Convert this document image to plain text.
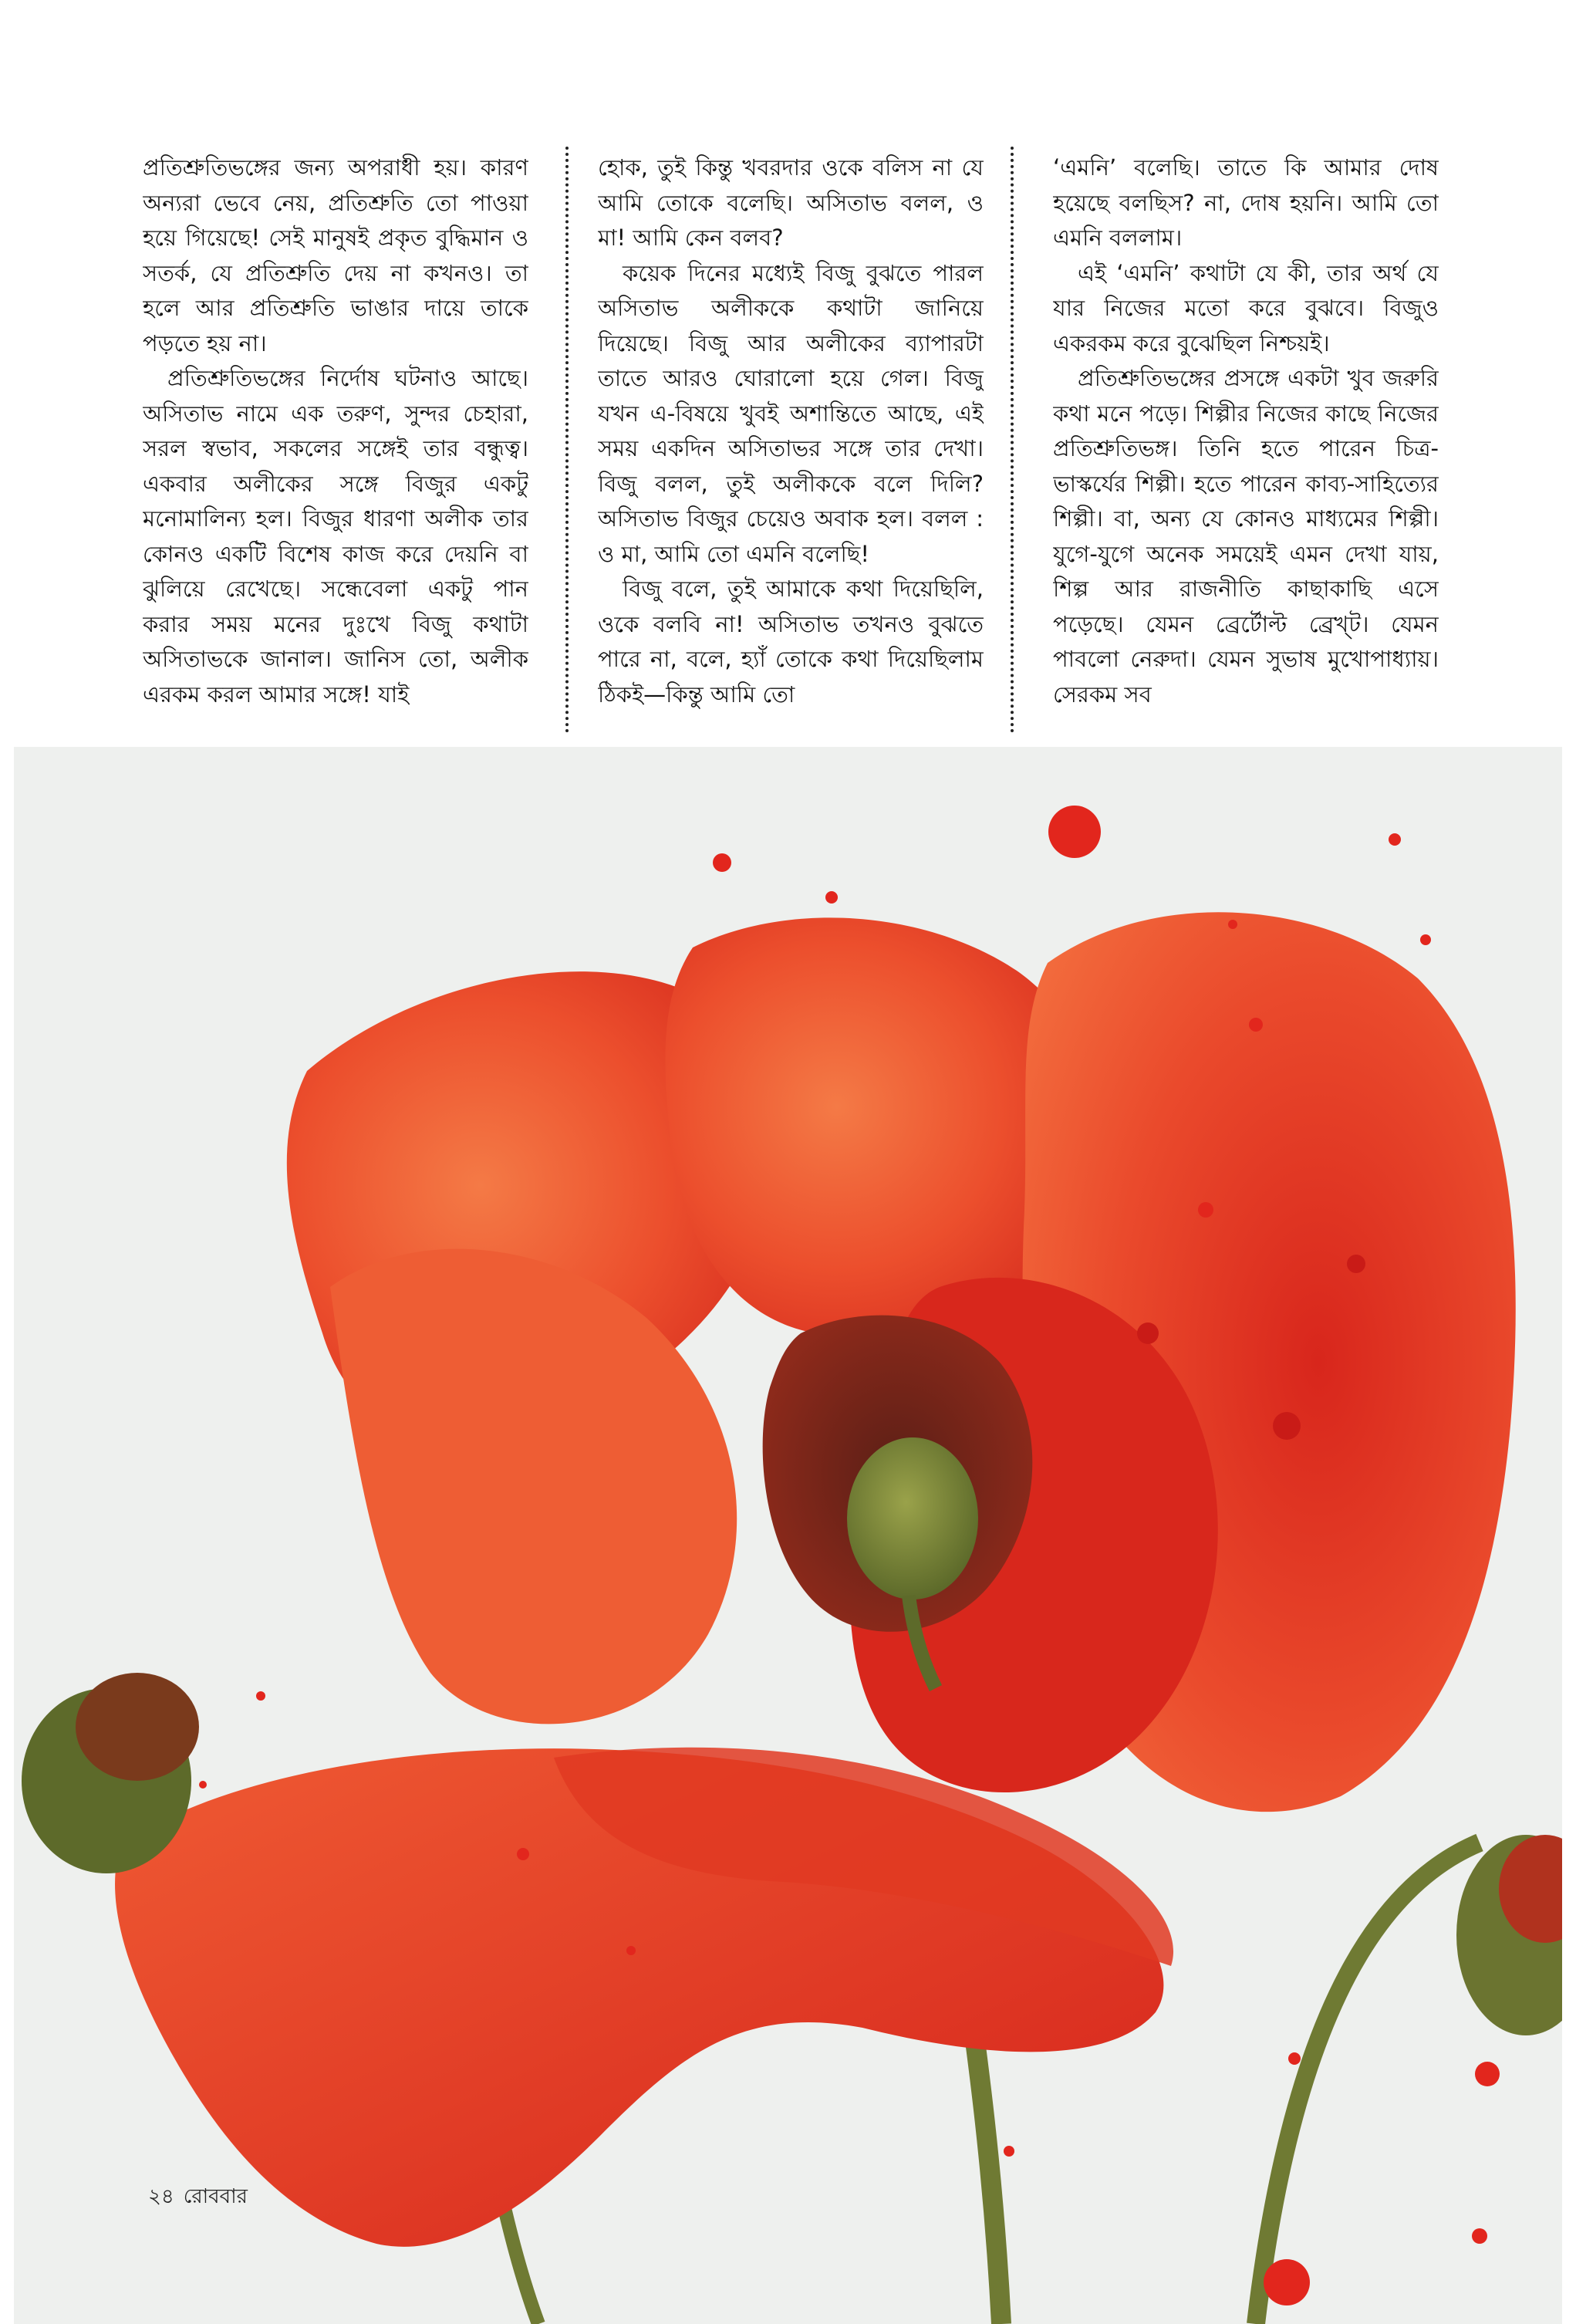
প্রতিশ্রুতিভঙ্গের জন্য অপরাধী হয়। কারণ অন্যরা ভেবে নেয়, প্রতিশ্রুতি তো পাওয়া হয়ে গিয়েছে! সেই মানুষই প্রকৃত বুদ্ধিমান ও সতর্ক, যে প্রতিশ্রুতি দেয় না কখনও। তা হলে আর প্রতিশ্রুতি ভাঙার দায়ে তাকে পড়তে হয় না।

প্রতিশ্রুতিভঙ্গের নির্দোষ ঘটনাও আছে। অসিতাভ নামে এক তরুণ, সুন্দর চেহারা, সরল স্বভাব, সকলের সঙ্গেই তার বন্ধুত্ব। একবার অলীকের সঙ্গে বিজুর একটু মনোমালিন্য হল। বিজুর ধারণা অলীক তার কোনও একটি বিশেষ কাজ করে দেয়নি বা ঝুলিয়ে রেখেছে। সন্ধেবেলা একটু পান করার সময় মনের দুঃখে বিজু কথাটা অসিতাভকে জানাল। জানিস তো, অলীক এরকম করল আমার সঙ্গে! যাই

হোক, তুই কিন্তু খবরদার ওকে বলিস না যে আমি তোকে বলেছি। অসিতাভ বলল, ও মা! আমি কেন বলব?

কয়েক দিনের মধ্যেই বিজু বুঝতে পারল অসিতাভ অলীককে কথাটা জানিয়ে দিয়েছে। বিজু আর অলীকের ব্যাপারটা তাতে আরও ঘোরালো হয়ে গেল। বিজু যখন এ-বিষয়ে খুবই অশান্তিতে আছে, এই সময় একদিন অসিতাভর সঙ্গে তার দেখা। বিজু বলল, তুই অলীককে বলে দিলি? অসিতাভ বিজুর চেয়েও অবাক হল। বলল : ও মা, আমি তো এমনি বলেছি!

বিজু বলে, তুই আমাকে কথা দিয়েছিলি, ওকে বলবি না! অসিতাভ তখনও বুঝতে পারে না, বলে, হ্যাঁ তোকে কথা দিয়েছিলাম ঠিকই—কিন্তু আমি তো

‘এমনি’ বলেছি। তাতে কি আমার দোষ হয়েছে বলছিস? না, দোষ হয়নি। আমি তো এমনি বললাম।

এই ‘এমনি’ কথাটা যে কী, তার অর্থ যে যার নিজের মতো করে বুঝবে। বিজুও একরকম করে বুঝেছিল নিশ্চয়ই।

প্রতিশ্রুতিভঙ্গের প্রসঙ্গে একটা খুব জরুরি কথা মনে পড়ে। শিল্পীর নিজের কাছে নিজের প্রতিশ্রুতিভঙ্গ। তিনি হতে পারেন চিত্র-ভাস্কর্যের শিল্পী। হতে পারেন কাব্য-সাহিত্যের শিল্পী। বা, অন্য যে কোনও মাধ্যমের শিল্পী। যুগে-যুগে অনেক সময়েই এমন দেখা যায়, শিল্প আর রাজনীতি কাছাকাছি এসে পড়েছে। যেমন ব্রের্টোল্ট ব্রেখ্ট। যেমন পাবলো নেরুদা। যেমন সুভাষ মুখোপাধ্যায়। সেরকম সব

২৪ রোববার
